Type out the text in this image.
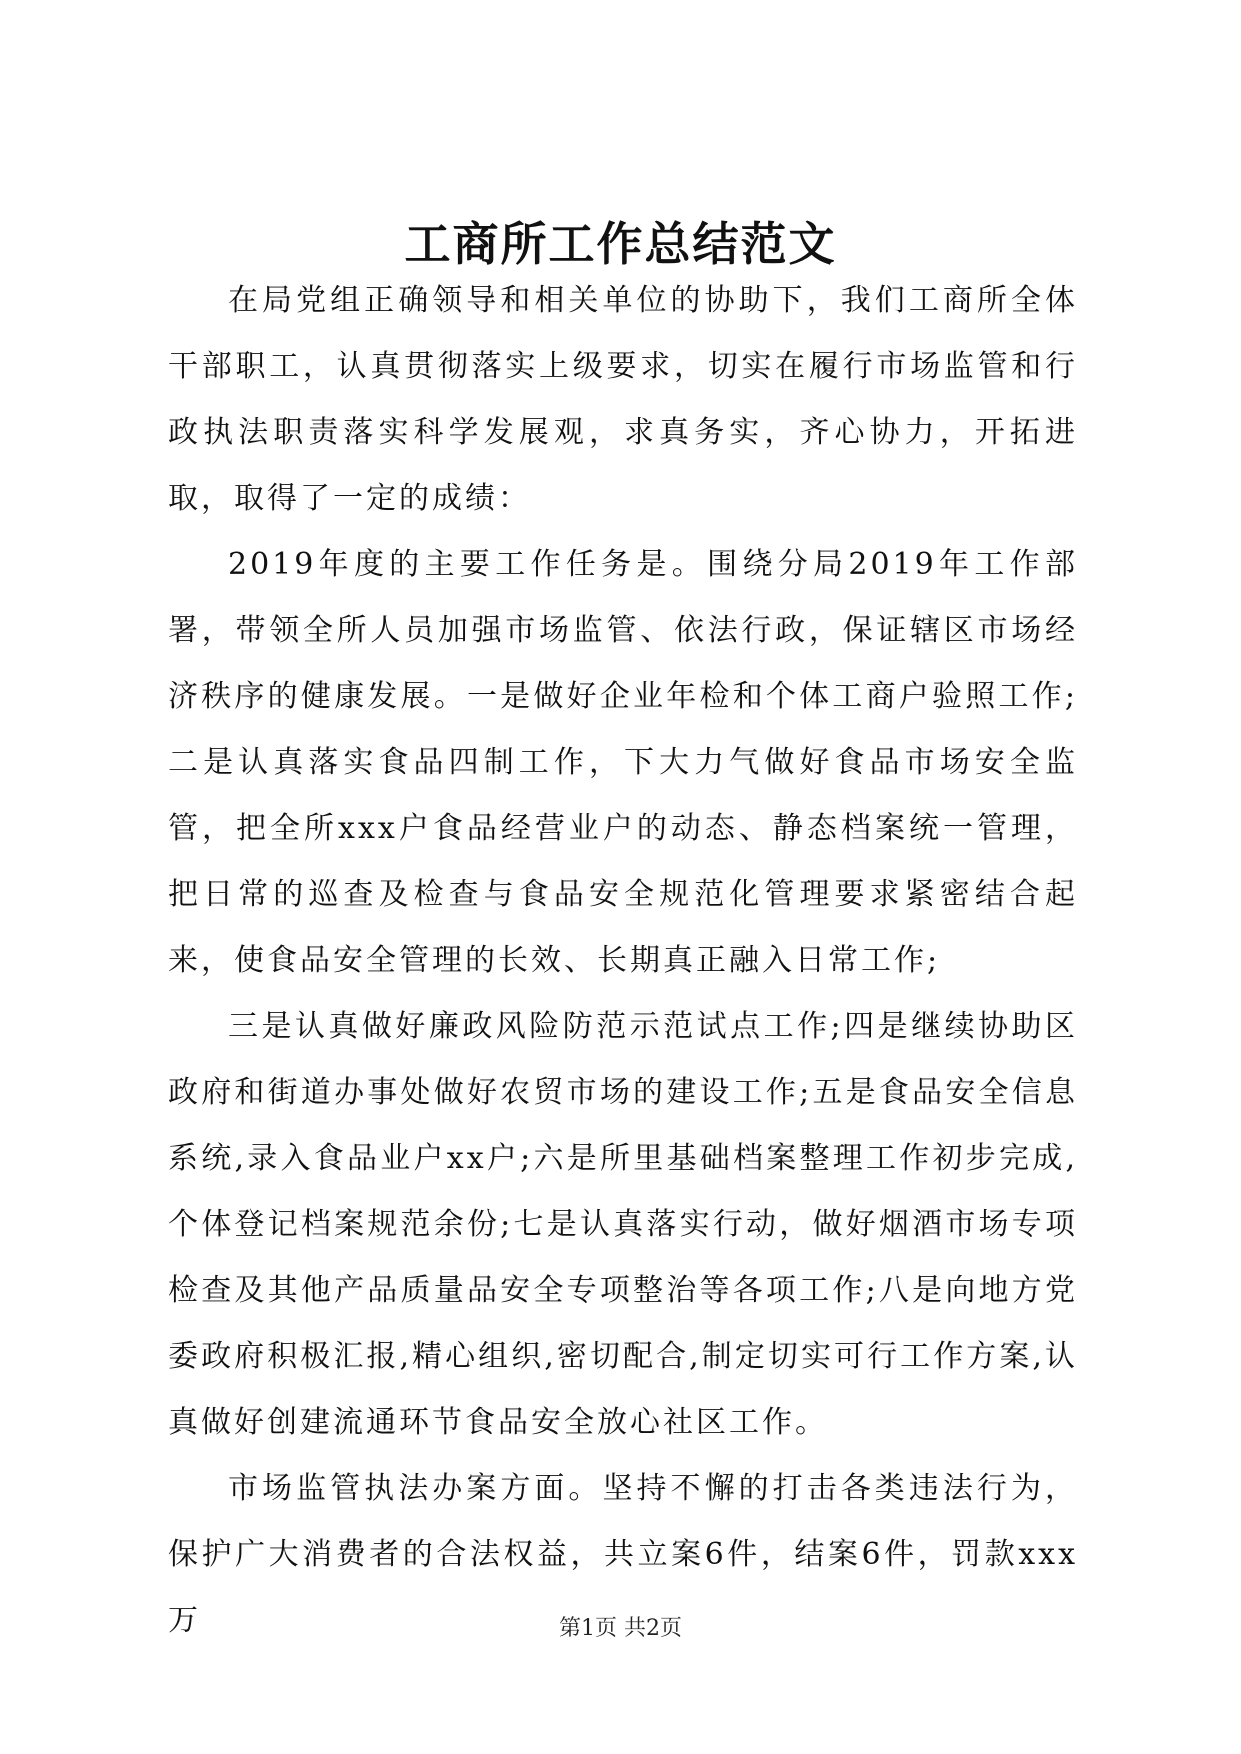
工商所工作总结范文

在局党组正确领导和相关单位的协助下，我们工商所全体干部职工，认真贯彻落实上级要求，切实在履行市场监管和行政执法职责落实科学发展观，求真务实，齐心协力，开拓进取，取得了一定的成绩：

2019年度的主要工作任务是。围绕分局2019年工作部署，带领全所人员加强市场监管、依法行政，保证辖区市场经济秩序的健康发展。一是做好企业年检和个体工商户验照工作;二是认真落实食品四制工作，下大力气做好食品市场安全监管，把全所xxx户食品经营业户的动态、静态档案统一管理，把日常的巡查及检查与食品安全规范化管理要求紧密结合起来，使食品安全管理的长效、长期真正融入日常工作;

三是认真做好廉政风险防范示范试点工作;四是继续协助区政府和街道办事处做好农贸市场的建设工作;五是食品安全信息系统,录入食品业户xx户;六是所里基础档案整理工作初步完成,个体登记档案规范余份;七是认真落实行动，做好烟酒市场专项检查及其他产品质量品安全专项整治等各项工作;八是向地方党委政府积极汇报,精心组织,密切配合,制定切实可行工作方案,认真做好创建流通环节食品安全放心社区工作。

市场监管执法办案方面。坚持不懈的打击各类违法行为，保护广大消费者的合法权益，共立案6件，结案6件，罚款xxx万	第1页 共2页
